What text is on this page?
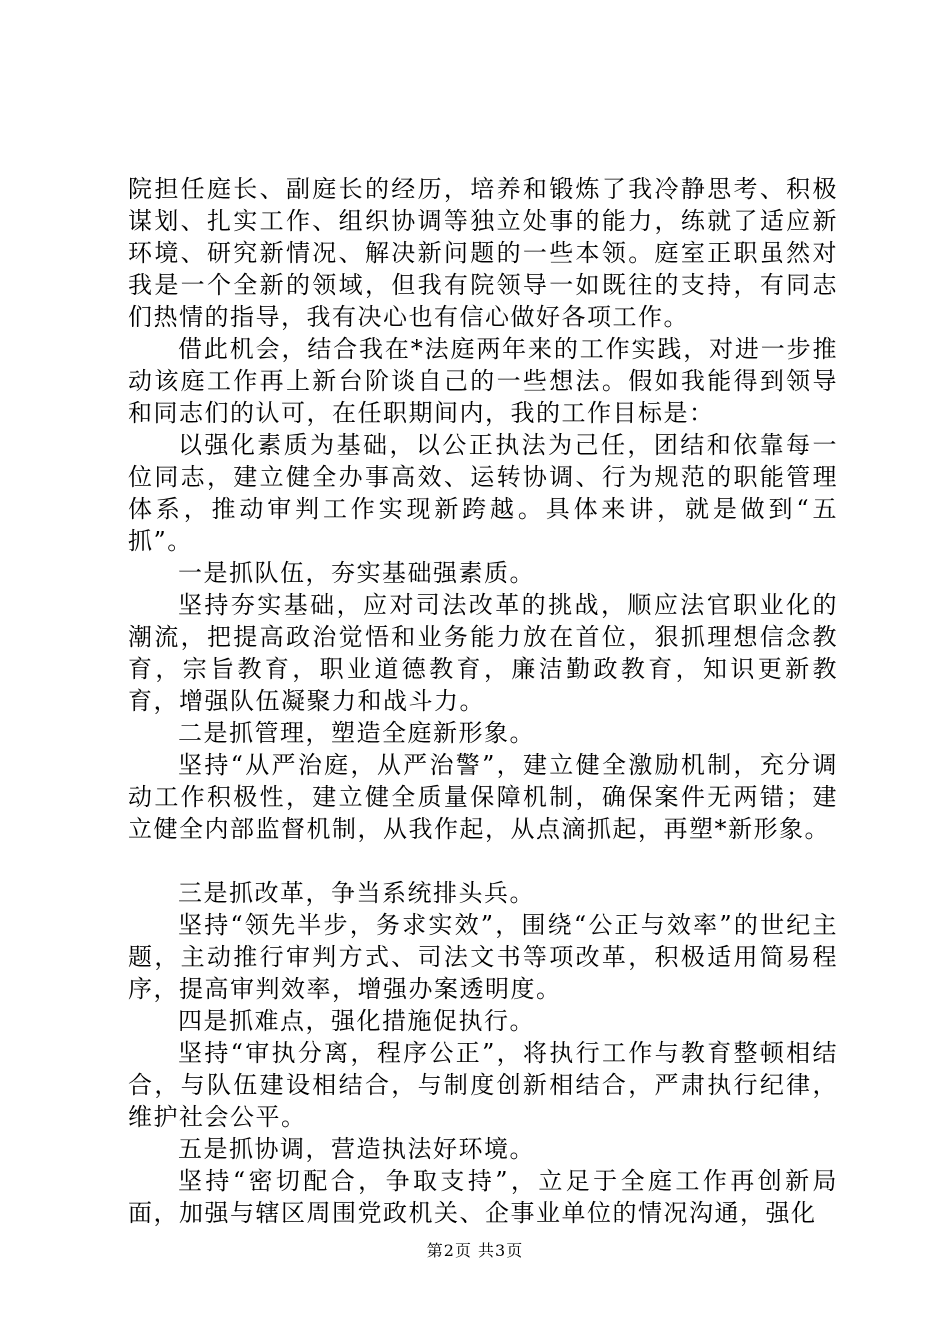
院担任庭长、副庭长的经历，培养和锻炼了我冷静思考、积极谋划、扎实工作、组织协调等独立处事的能力，练就了适应新环境、研究新情况、解决新问题的一些本领。庭室正职虽然对我是一个全新的领域，但我有院领导一如既往的支持，有同志们热情的指导，我有决心也有信心做好各项工作。

借此机会，结合我在*法庭两年来的工作实践，对进一步推动该庭工作再上新台阶谈自己的一些想法。假如我能得到领导和同志们的认可，在任职期间内，我的工作目标是：

以强化素质为基础，以公正执法为己任，团结和依靠每一位同志，建立健全办事高效、运转协调、行为规范的职能管理体系，推动审判工作实现新跨越。具体来讲，就是做到“五抓”。

一是抓队伍，夯实基础强素质。

坚持夯实基础，应对司法改革的挑战，顺应法官职业化的潮流，把提高政治觉悟和业务能力放在首位，狠抓理想信念教育，宗旨教育，职业道德教育，廉洁勤政教育，知识更新教育，增强队伍凝聚力和战斗力。

二是抓管理，塑造全庭新形象。

坚持“从严治庭，从严治警”，建立健全激励机制，充分调动工作积极性，建立健全质量保障机制，确保案件无两错；建立健全内部监督机制，从我作起，从点滴抓起，再塑*新形象。

三是抓改革，争当系统排头兵。

坚持“领先半步，务求实效”，围绕“公正与效率”的世纪主题，主动推行审判方式、司法文书等项改革，积极适用简易程序，提高审判效率，增强办案透明度。

四是抓难点，强化措施促执行。

坚持“审执分离，程序公正”，将执行工作与教育整顿相结合，与队伍建设相结合，与制度创新相结合，严肃执行纪律，维护社会公平。

五是抓协调，营造执法好环境。

坚持“密切配合，争取支持”，立足于全庭工作再创新局面，加强与辖区周围党政机关、企事业单位的情况沟通，强化

第2页 共3页
